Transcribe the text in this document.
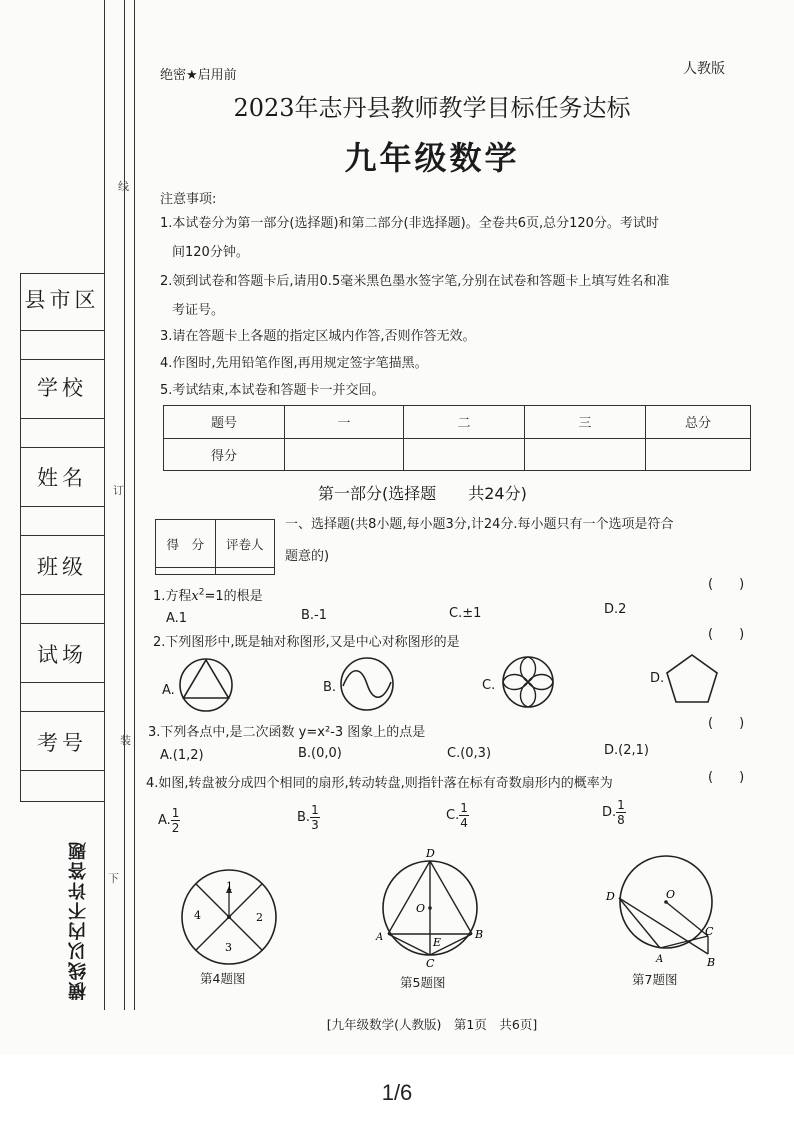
县市区
学校
姓名
班级
试场
考号
线
订
装
下
横线以内不许答题
绝密★启用前	人教版
2023年志丹县教师教学目标任务达标
九年级数学
注意事项:
1.本试卷分为第一部分(选择题)和第二部分(非选择题)。全卷共6页,总分120分。考试时
间120分钟。
2.领到试卷和答题卡后,请用0.5毫米黑色墨水签字笔,分别在试卷和答题卡上填写姓名和准
考证号。
3.请在答题卡上各题的指定区城内作答,否则作答无效。
4.作图时,先用铅笔作图,再用规定签字笔描黑。
5.考试结束,本试卷和答题卡一并交回。
题号	一	二	三	总分
得分				
第一部分(选择题　　共24分)
得　分	评卷人

一、选择题(共8小题,每小题3分,计24分.每小题只有一个选项是符合
题意的)
(　　)
1.方程$x^2=1$的根是
A.1	B.-1	C.±1	D.2
(　　)
2.下列图形中,既是轴对称图形,又是中心对称图形的是
A.	B.	C.	D.
(　　)
3.下列各点中,是二次函数 y=x²-3 图象上的点是
A.(1,2)	B.(0,0)	C.(0,3)	D.(2,1)
4.如图,转盘被分成四个相同的扇形,转动转盘,则指针落在标有奇数扇形内的概率为	(　　)
A. $\frac{1}{2}$	B. $\frac{1}{3}$	C. $\frac{1}{4}$	D. $\frac{1}{8}$
1
2
3
4
第4题图
D
O
A	E
B
C
第5题图
D	O
C
A	B
第7题图
[九年级数学(人教版)　第1页　共6页]
1/6
